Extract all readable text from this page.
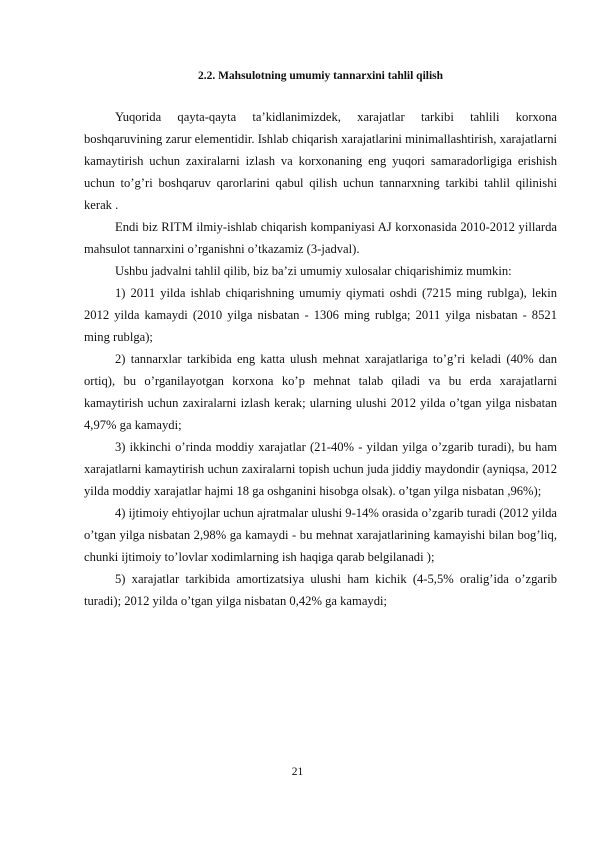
2.2. Mahsulotning umumiy tannarxini tahlil qilish

Yuqorida qayta-qayta ta’kidlanimizdek, xarajatlar tarkibi tahlili korxona boshqaruvining zarur elementidir. Ishlab chiqarish xarajatlarini minimallashtirish, xarajatlarni kamaytirish uchun zaxiralarni izlash va korxonaning eng yuqori samaradorligiga erishish uchun to’g’ri boshqaruv qarorlarini qabul qilish uchun tannarxning tarkibi tahlil qilinishi kerak .

Endi biz RITM ilmiy-ishlab chiqarish kompaniyasi AJ korxonasida 2010-2012 yillarda mahsulot tannarxini o’rganishni o’tkazamiz (3-jadval).

Ushbu jadvalni tahlil qilib, biz ba’zi umumiy xulosalar chiqarishimiz mumkin:

1) 2011 yilda ishlab chiqarishning umumiy qiymati oshdi (7215 ming rublga), lekin 2012 yilda kamaydi (2010 yilga nisbatan - 1306 ming rublga; 2011 yilga nisbatan - 8521 ming rublga);

2) tannarxlar tarkibida eng katta ulush mehnat xarajatlariga to’g’ri keladi (40% dan ortiq), bu o’rganilayotgan korxona ko’p mehnat talab qiladi va bu erda xarajatlarni kamaytirish uchun zaxiralarni izlash kerak; ularning ulushi 2012 yilda o’tgan yilga nisbatan 4,97% ga kamaydi;

3) ikkinchi o’rinda moddiy xarajatlar (21-40% - yildan yilga o’zgarib turadi), bu ham xarajatlarni kamaytirish uchun zaxiralarni topish uchun juda jiddiy maydondir (ayniqsa, 2012 yilda moddiy xarajatlar hajmi 18 ga oshganini hisobga olsak). o’tgan yilga nisbatan ,96%);

4) ijtimoiy ehtiyojlar uchun ajratmalar ulushi 9-14% orasida o’zgarib turadi (2012 yilda o’tgan yilga nisbatan 2,98% ga kamaydi - bu mehnat xarajatlarining kamayishi bilan bog’liq, chunki ijtimoiy to’lovlar xodimlarning ish haqiga qarab belgilanadi );

5) xarajatlar tarkibida amortizatsiya ulushi ham kichik (4-5,5% oralig’ida o’zgarib turadi); 2012 yilda o’tgan yilga nisbatan 0,42% ga kamaydi;

21
